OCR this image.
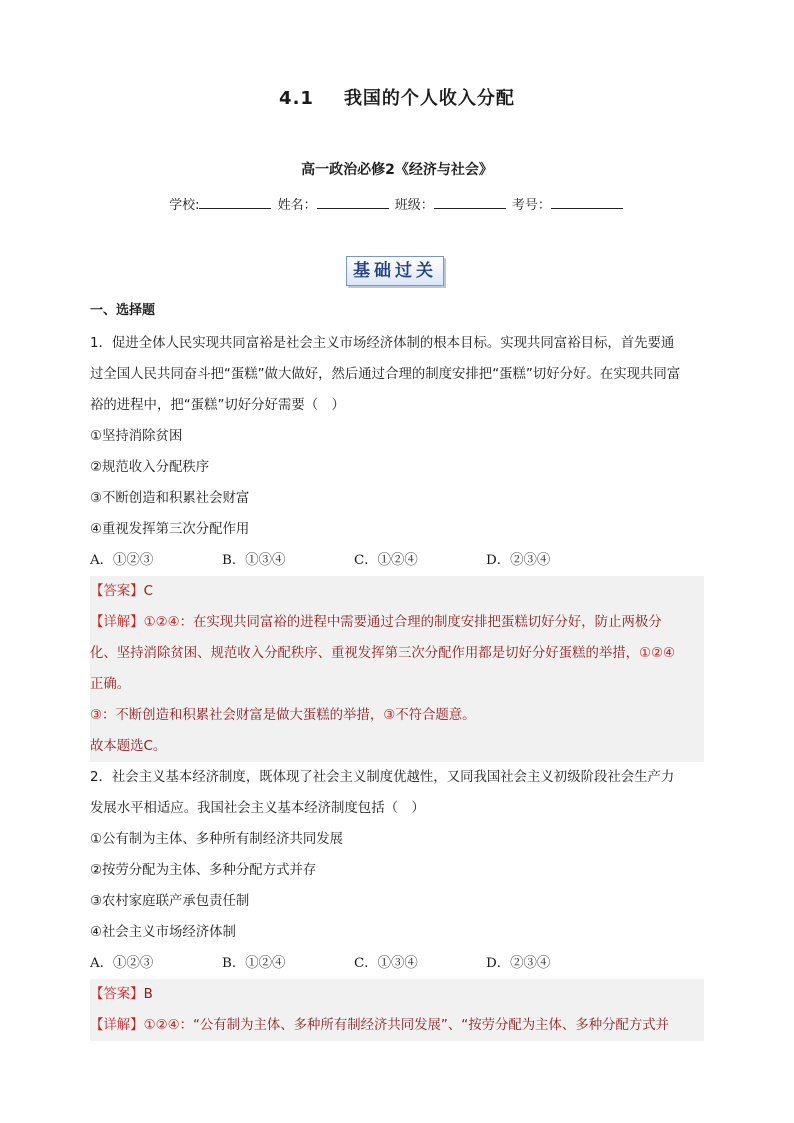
4.1 我国的个人收入分配
高一政治必修2《经济与社会》
学校:	姓名：	班级：	考号：
基础过关
一、选择题
1．促进全体人民实现共同富裕是社会主义市场经济体制的根本目标。实现共同富裕目标，首先要通
过全国人民共同奋斗把“蛋糕”做大做好，然后通过合理的制度安排把“蛋糕”切好分好。在实现共同富
裕的进程中，把“蛋糕”切好分好需要（　）
①坚持消除贫困
②规范收入分配秩序
③不断创造和积累社会财富
④重视发挥第三次分配作用
A．①②③	B．①③④	C．①②④	D．②③④
【答案】C
【详解】①②④：在实现共同富裕的进程中需要通过合理的制度安排把蛋糕切好分好，防止两极分
化、坚持消除贫困、规范收入分配秩序、重视发挥第三次分配作用都是切好分好蛋糕的举措，①②④
正确。
③：不断创造和积累社会财富是做大蛋糕的举措，③不符合题意。
故本题选C。
2．社会主义基本经济制度，既体现了社会主义制度优越性，又同我国社会主义初级阶段社会生产力
发展水平相适应。我国社会主义基本经济制度包括（　）
①公有制为主体、多种所有制经济共同发展
②按劳分配为主体、多种分配方式并存
③农村家庭联产承包责任制
④社会主义市场经济体制
A．①②③	B．①②④	C．①③④	D．②③④
【答案】B
【详解】①②④：“公有制为主体、多种所有制经济共同发展”、“按劳分配为主体、多种分配方式并
